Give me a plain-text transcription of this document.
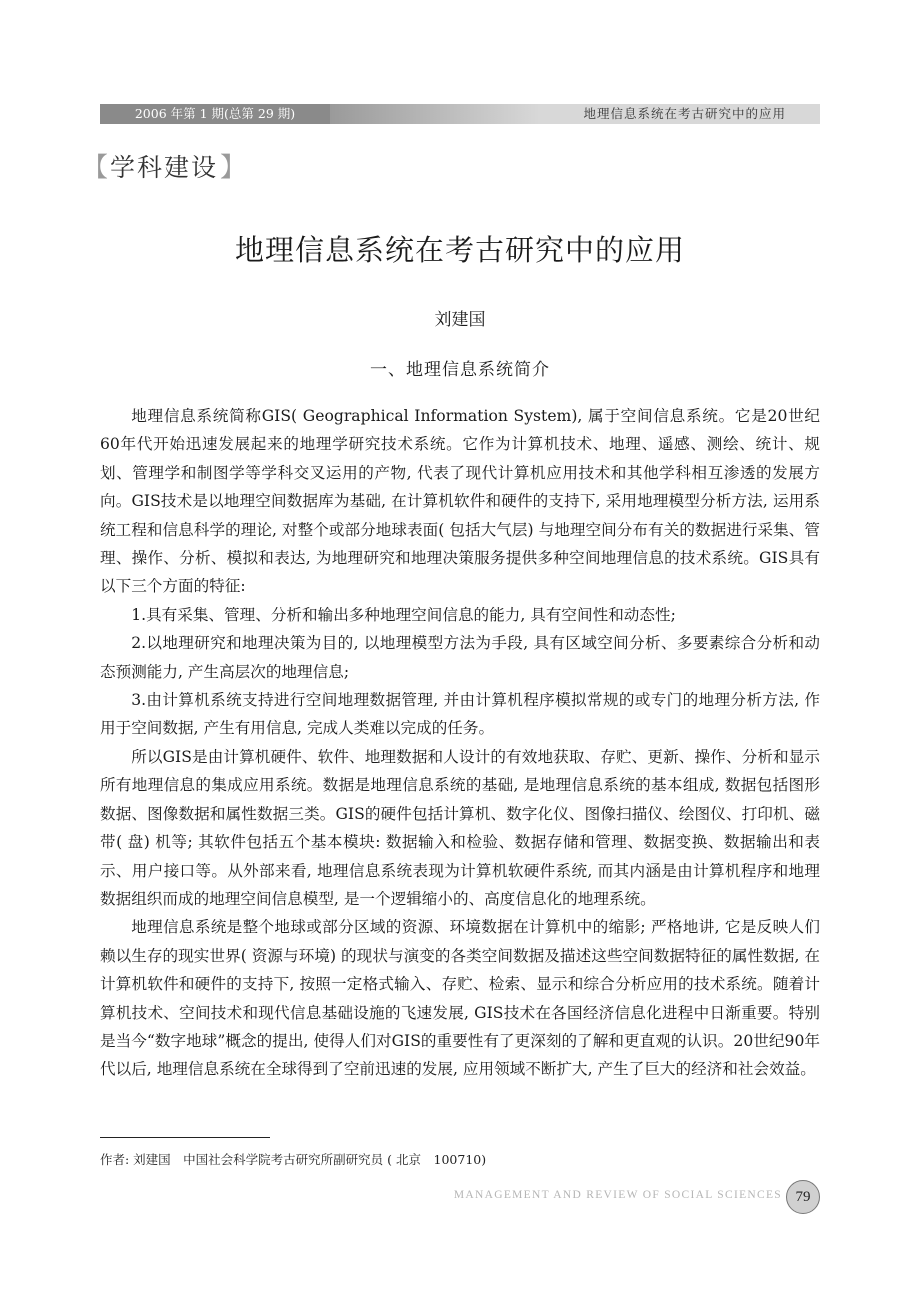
2006 年第 1 期(总第 29 期)	地理信息系统在考古研究中的应用
【 学科建设 】
地理信息系统在考古研究中的应用
刘建国
一、地理信息系统简介

地理信息系统简称GIS( Geographical Information System), 属于空间信息系统。它是20世纪60年代开始迅速发展起来的地理学研究技术系统。它作为计算机技术、地理、遥感、测绘、统计、规划、管理学和制图学等学科交叉运用的产物, 代表了现代计算机应用技术和其他学科相互渗透的发展方向。GIS技术是以地理空间数据库为基础, 在计算机软件和硬件的支持下, 采用地理模型分析方法, 运用系统工程和信息科学的理论, 对整个或部分地球表面( 包括大气层) 与地理空间分布有关的数据进行采集、管理、操作、分析、模拟和表达, 为地理研究和地理决策服务提供多种空间地理信息的技术系统。GIS具有以下三个方面的特征:

1.具有采集、管理、分析和输出多种地理空间信息的能力, 具有空间性和动态性;

2.以地理研究和地理决策为目的, 以地理模型方法为手段, 具有区域空间分析、多要素综合分析和动态预测能力, 产生高层次的地理信息;

3.由计算机系统支持进行空间地理数据管理, 并由计算机程序模拟常规的或专门的地理分析方法, 作用于空间数据, 产生有用信息, 完成人类难以完成的任务。

所以GIS是由计算机硬件、软件、地理数据和人设计的有效地获取、存贮、更新、操作、分析和显示所有地理信息的集成应用系统。数据是地理信息系统的基础, 是地理信息系统的基本组成, 数据包括图形数据、图像数据和属性数据三类。GIS的硬件包括计算机、数字化仪、图像扫描仪、绘图仪、打印机、磁带( 盘) 机等; 其软件包括五个基本模块: 数据输入和检验、数据存储和管理、数据变换、数据输出和表示、用户接口等。从外部来看, 地理信息系统表现为计算机软硬件系统, 而其内涵是由计算机程序和地理数据组织而成的地理空间信息模型, 是一个逻辑缩小的、高度信息化的地理系统。

地理信息系统是整个地球或部分区域的资源、环境数据在计算机中的缩影; 严格地讲, 它是反映人们赖以生存的现实世界( 资源与环境) 的现状与演变的各类空间数据及描述这些空间数据特征的属性数据, 在计算机软件和硬件的支持下, 按照一定格式输入、存贮、检索、显示和综合分析应用的技术系统。随着计算机技术、空间技术和现代信息基础设施的飞速发展, GIS技术在各国经济信息化进程中日渐重要。特别是当今“数字地球”概念的提出, 使得人们对GIS的重要性有了更深刻的了解和更直观的认识。20世纪90年代以后, 地理信息系统在全球得到了空前迅速的发展, 应用领域不断扩大, 产生了巨大的经济和社会效益。

作者: 刘建国　中国社会科学院考古研究所副研究员 ( 北京　100710)
MANAGEMENT AND REVIEW OF SOCIAL SCIENCES 79
